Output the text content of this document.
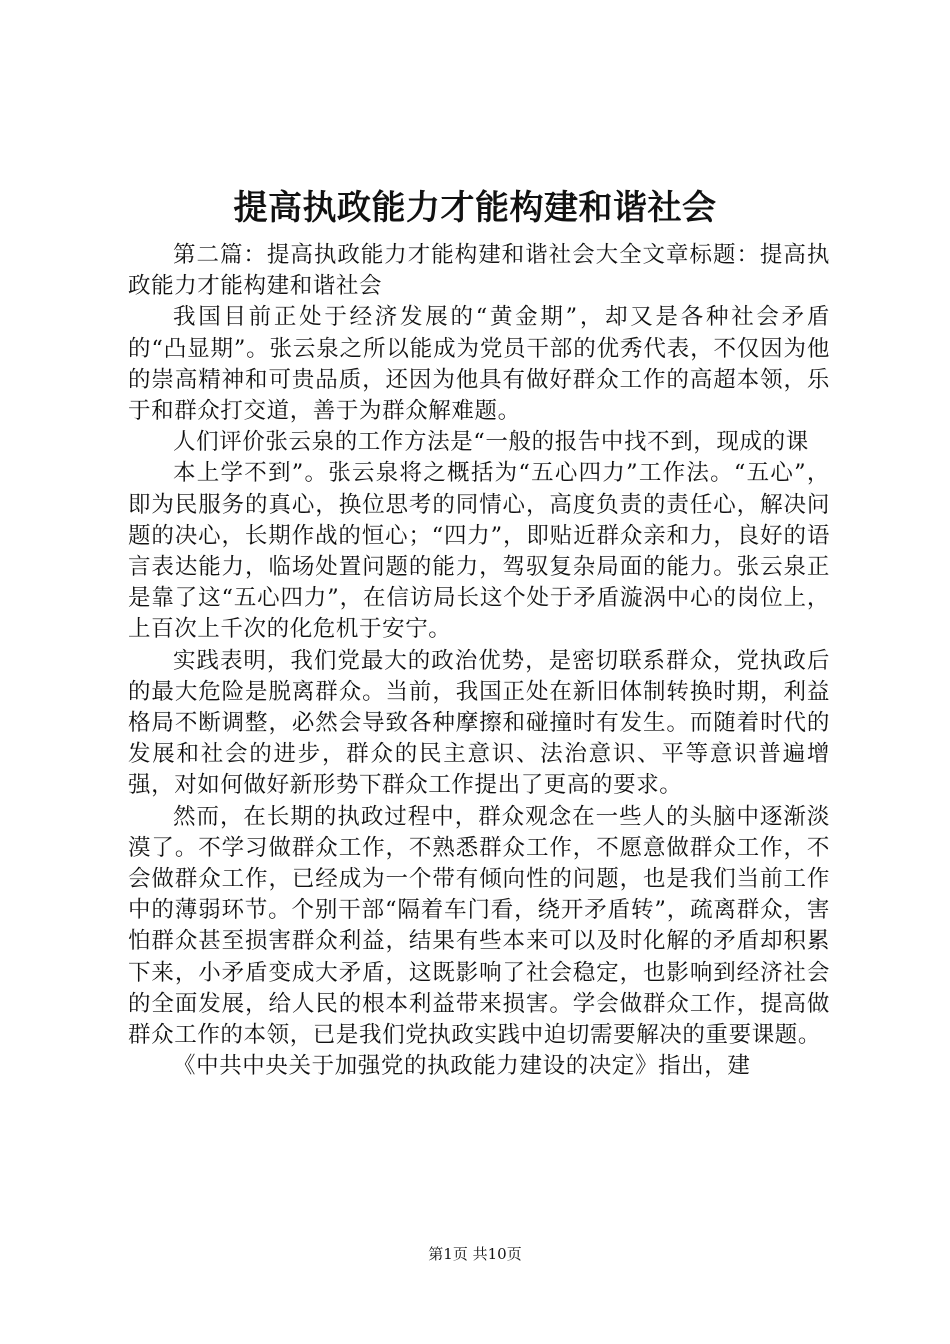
提高执政能力才能构建和谐社会

第二篇：提高执政能力才能构建和谐社会大全文章标题：提高执政能力才能构建和谐社会

我国目前正处于经济发展的“黄金期”，却又是各种社会矛盾的“凸显期”。张云泉之所以能成为党员干部的优秀代表，不仅因为他的崇高精神和可贵品质，还因为他具有做好群众工作的高超本领，乐于和群众打交道，善于为群众解难题。

人们评价张云泉的工作方法是“一般的报告中找不到，现成的课

本上学不到”。张云泉将之概括为“五心四力”工作法。“五心”，即为民服务的真心，换位思考的同情心，高度负责的责任心，解决问题的决心，长期作战的恒心；“四力”，即贴近群众亲和力，良好的语言表达能力，临场处置问题的能力，驾驭复杂局面的能力。张云泉正是靠了这“五心四力”，在信访局长这个处于矛盾漩涡中心的岗位上，上百次上千次的化危机于安宁。

实践表明，我们党最大的政治优势，是密切联系群众，党执政后的最大危险是脱离群众。当前，我国正处在新旧体制转换时期，利益格局不断调整，必然会导致各种摩擦和碰撞时有发生。而随着时代的发展和社会的进步，群众的民主意识、法治意识、平等意识普遍增强，对如何做好新形势下群众工作提出了更高的要求。

然而，在长期的执政过程中，群众观念在一些人的头脑中逐渐淡漠了。不学习做群众工作，不熟悉群众工作，不愿意做群众工作，不会做群众工作，已经成为一个带有倾向性的问题，也是我们当前工作中的薄弱环节。个别干部“隔着车门看，绕开矛盾转”，疏离群众，害怕群众甚至损害群众利益，结果有些本来可以及时化解的矛盾却积累下来，小矛盾变成大矛盾，这既影响了社会稳定，也影响到经济社会的全面发展，给人民的根本利益带来损害。学会做群众工作，提高做群众工作的本领，已是我们党执政实践中迫切需要解决的重要课题。

《中共中央关于加强党的执政能力建设的决定》指出，建

第1页 共10页
